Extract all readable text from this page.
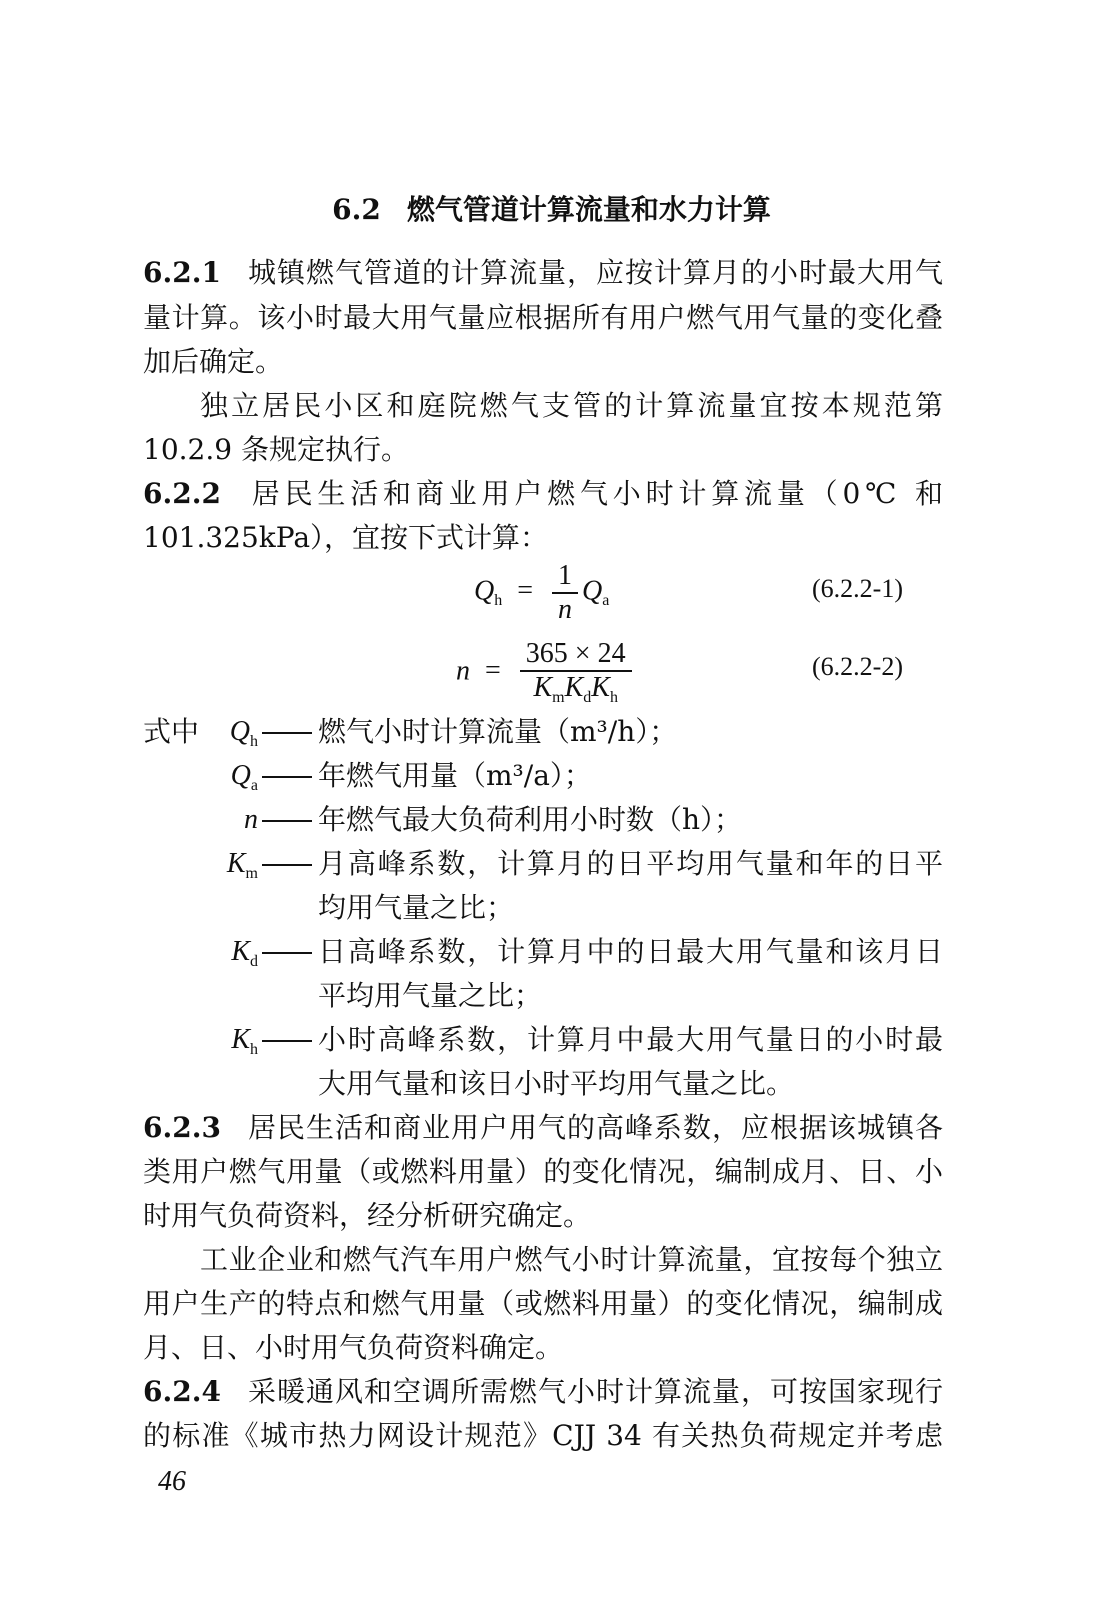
6.2 燃气管道计算流量和水力计算
6.2.1 城镇燃气管道的计算流量，应按计算月的小时最大用气
量计算。该小时最大用气量应根据所有用户燃气用气量的变化叠
加后确定。
独立居民小区和庭院燃气支管的计算流量宜按本规范第
10.2.9 条规定执行。
6.2.2 居民生活和商业用户燃气小时计算流量（0℃ 和
101.325kPa），宜按下式计算：
$Q_h = \frac{1}{n} Q_a$	(6.2.2-1)
$n = \frac{365 \times 24}{K_mK_dK_h}$	(6.2.2-2)
式中	$Q_h$ 燃气小时计算流量（m³/h）；
$Q_a$ 年燃气用量（m³/a）；
n 年燃气最大负荷利用小时数（h）；
$K_m$ 月高峰系数，计算月的日平均用气量和年的日平
均用气量之比；
$K_d$ 日高峰系数，计算月中的日最大用气量和该月日
平均用气量之比；
$K_h$ 小时高峰系数，计算月中最大用气量日的小时最
大用气量和该日小时平均用气量之比。
6.2.3 居民生活和商业用户用气的高峰系数，应根据该城镇各
类用户燃气用量（或燃料用量）的变化情况，编制成月、日、小
时用气负荷资料，经分析研究确定。
工业企业和燃气汽车用户燃气小时计算流量，宜按每个独立
用户生产的特点和燃气用量（或燃料用量）的变化情况，编制成
月、日、小时用气负荷资料确定。
6.2.4 采暖通风和空调所需燃气小时计算流量，可按国家现行
的标准《城市热力网设计规范》CJJ 34 有关热负荷规定并考虑
46
